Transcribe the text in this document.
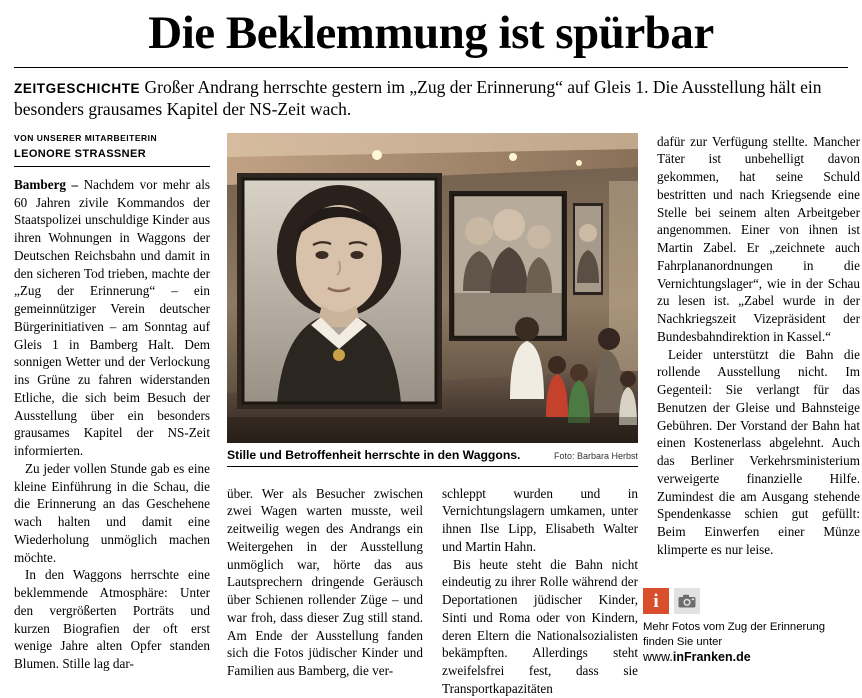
Die Beklemmung ist spürbar
ZEITGESCHICHTE Großer Andrang herrschte gestern im „Zug der Erinnerung“ auf Gleis 1. Die Ausstellung hält ein besonders grausames Kapitel der NS-Zeit wach.
VON UNSERER MITARBEITERIN
LEONORE STRASSNER

Bamberg – Nachdem vor mehr als 60 Jahren zivile Kommandos der Staatspolizei unschuldige Kinder aus ihren Wohnungen in Waggons der Deutschen Reichsbahn und damit in den sicheren Tod trieben, machte der „Zug der Erinnerung“ – ein gemeinnütziger Verein deutscher Bürgerinitiativen – am Sonntag auf Gleis 1 in Bamberg Halt. Dem sonnigen Wetter und der Verlockung ins Grüne zu fahren widerstanden Etliche, die sich beim Besuch der Ausstellung über ein besonders grausames Kapitel der NS-Zeit informierten.

Zu jeder vollen Stunde gab es eine kleine Einführung in die Schau, die die Erinnerung an das Geschehene wach halten und damit eine Wiederholung unmöglich machen möchte.

In den Waggons herrschte eine beklemmende Atmosphäre: Unter den vergrößerten Porträts und kurzen Biografien der oft erst wenige Jahre alten Opfer standen Blumen. Stille lag dar-

Stille und Betroffenheit herrschte in den Waggons.	Foto: Barbara Herbst

über. Wer als Besucher zwischen zwei Wagen warten musste, weil zeitweilig wegen des Andrangs ein Weitergehen in der Ausstellung unmöglich war, hörte das aus Lautsprechern dringende Geräusch über Schienen rollender Züge – und war froh, dass dieser Zug still stand. Am Ende der Ausstellung fanden sich die Fotos jüdischer Kinder und Familien aus Bamberg, die ver-

schleppt wurden und in Vernichtungslagern umkamen, unter ihnen Ilse Lipp, Elisabeth Walter und Martin Hahn.

Bis heute steht die Bahn nicht eindeutig zu ihrer Rolle während der Deportationen jüdischer Kinder, Sinti und Roma oder von Kindern, deren Eltern die Nationalsozialisten bekämpften. Allerdings steht zweifelsfrei fest, dass sie Transportkapazitäten

dafür zur Verfügung stellte. Mancher Täter ist unbehelligt davon gekommen, hat seine Schuld bestritten und nach Kriegsende eine Stelle bei seinem alten Arbeitgeber angenommen. Einer von ihnen ist Martin Zabel. Er „zeichnete auch Fahrplananordnungen in die Vernichtungslager“, wie in der Schau zu lesen ist. „Zabel wurde in der Nachkriegszeit Vizepräsident der Bundesbahndirektion in Kassel.“

Leider unterstützt die Bahn die rollende Ausstellung nicht. Im Gegenteil: Sie verlangt für das Benutzen der Gleise und Bahnsteige Gebühren. Der Vorstand der Bahn hat einen Kostenerlass abgelehnt. Auch das Berliner Verkehrsministerium verweigerte finanzielle Hilfe. Zumindest die am Ausgang stehende Spendenkasse schien gut gefüllt: Beim Einwerfen einer Münze klimperte es nur leise.

i
Mehr Fotos vom Zug der Erinnerung finden Sie unter
www.inFranken.de
